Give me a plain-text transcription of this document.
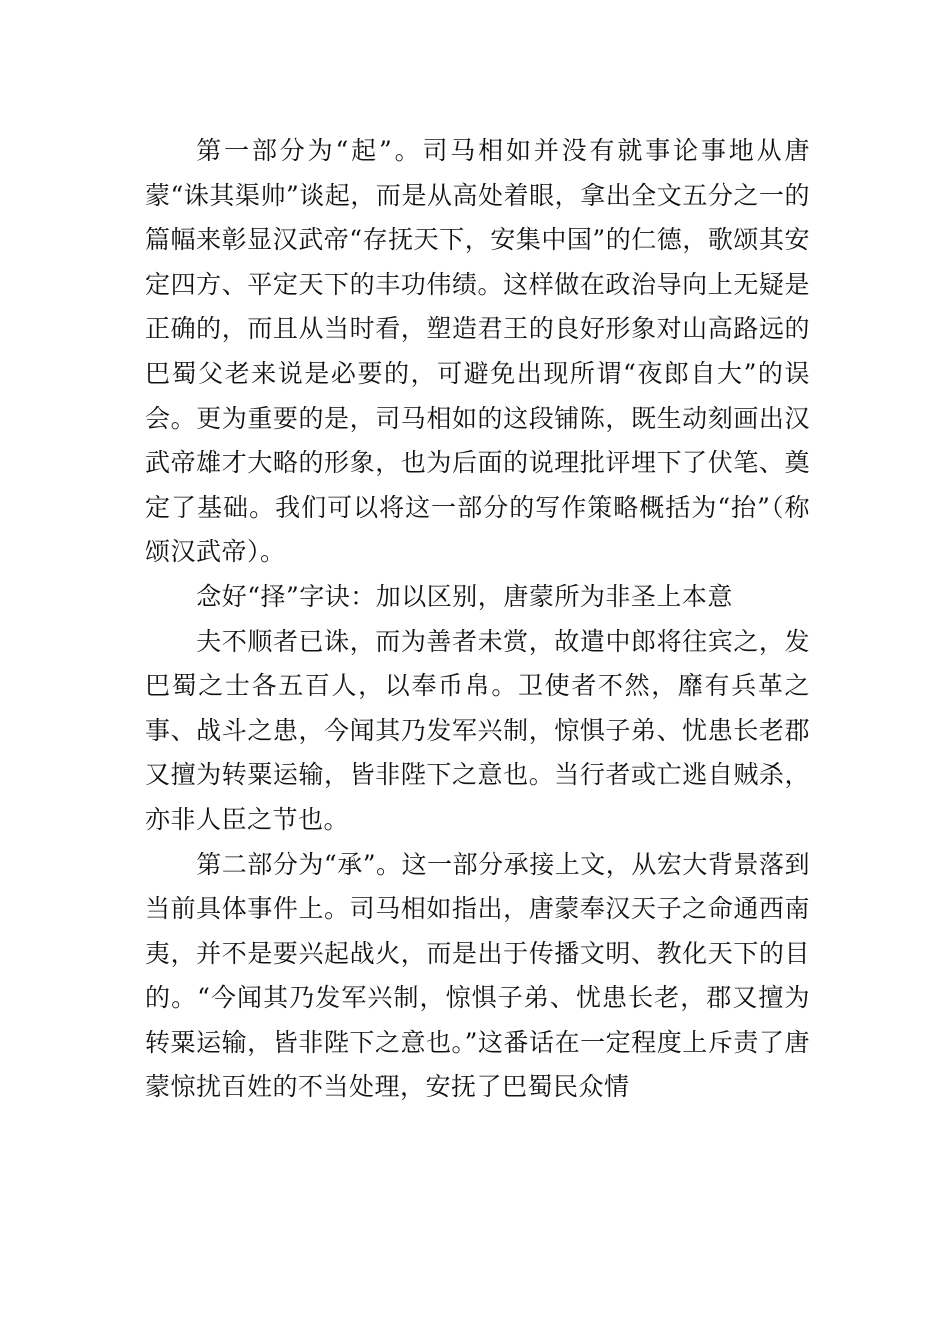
第一部分为“起”。司马相如并没有就事论事地从唐蒙“诛其渠帅”谈起，而是从高处着眼，拿出全文五分之一的篇幅来彰显汉武帝“存抚天下，安集中国”的仁德，歌颂其安定四方、平定天下的丰功伟绩。这样做在政治导向上无疑是正确的，而且从当时看，塑造君王的良好形象对山高路远的巴蜀父老来说是必要的，可避免出现所谓“夜郎自大”的误会。更为重要的是，司马相如的这段铺陈，既生动刻画出汉武帝雄才大略的形象，也为后面的说理批评埋下了伏笔、奠定了基础。我们可以将这一部分的写作策略概括为“抬”（称颂汉武帝）。

念好“择”字诀：加以区别，唐蒙所为非圣上本意

夫不顺者已诛，而为善者未赏，故遣中郎将往宾之，发巴蜀之士各五百人，以奉币帛。卫使者不然，靡有兵革之事、战斗之患，今闻其乃发军兴制，惊惧子弟、忧患长老郡又擅为转粟运输，皆非陛下之意也。当行者或亡逃自贼杀，亦非人臣之节也。

第二部分为“承”。这一部分承接上文，从宏大背景落到当前具体事件上。司马相如指出，唐蒙奉汉天子之命通西南夷，并不是要兴起战火，而是出于传播文明、教化天下的目的。“今闻其乃发军兴制，惊惧子弟、忧患长老，郡又擅为转粟运输，皆非陛下之意也。”这番话在一定程度上斥责了唐蒙惊扰百姓的不当处理，安抚了巴蜀民众情
